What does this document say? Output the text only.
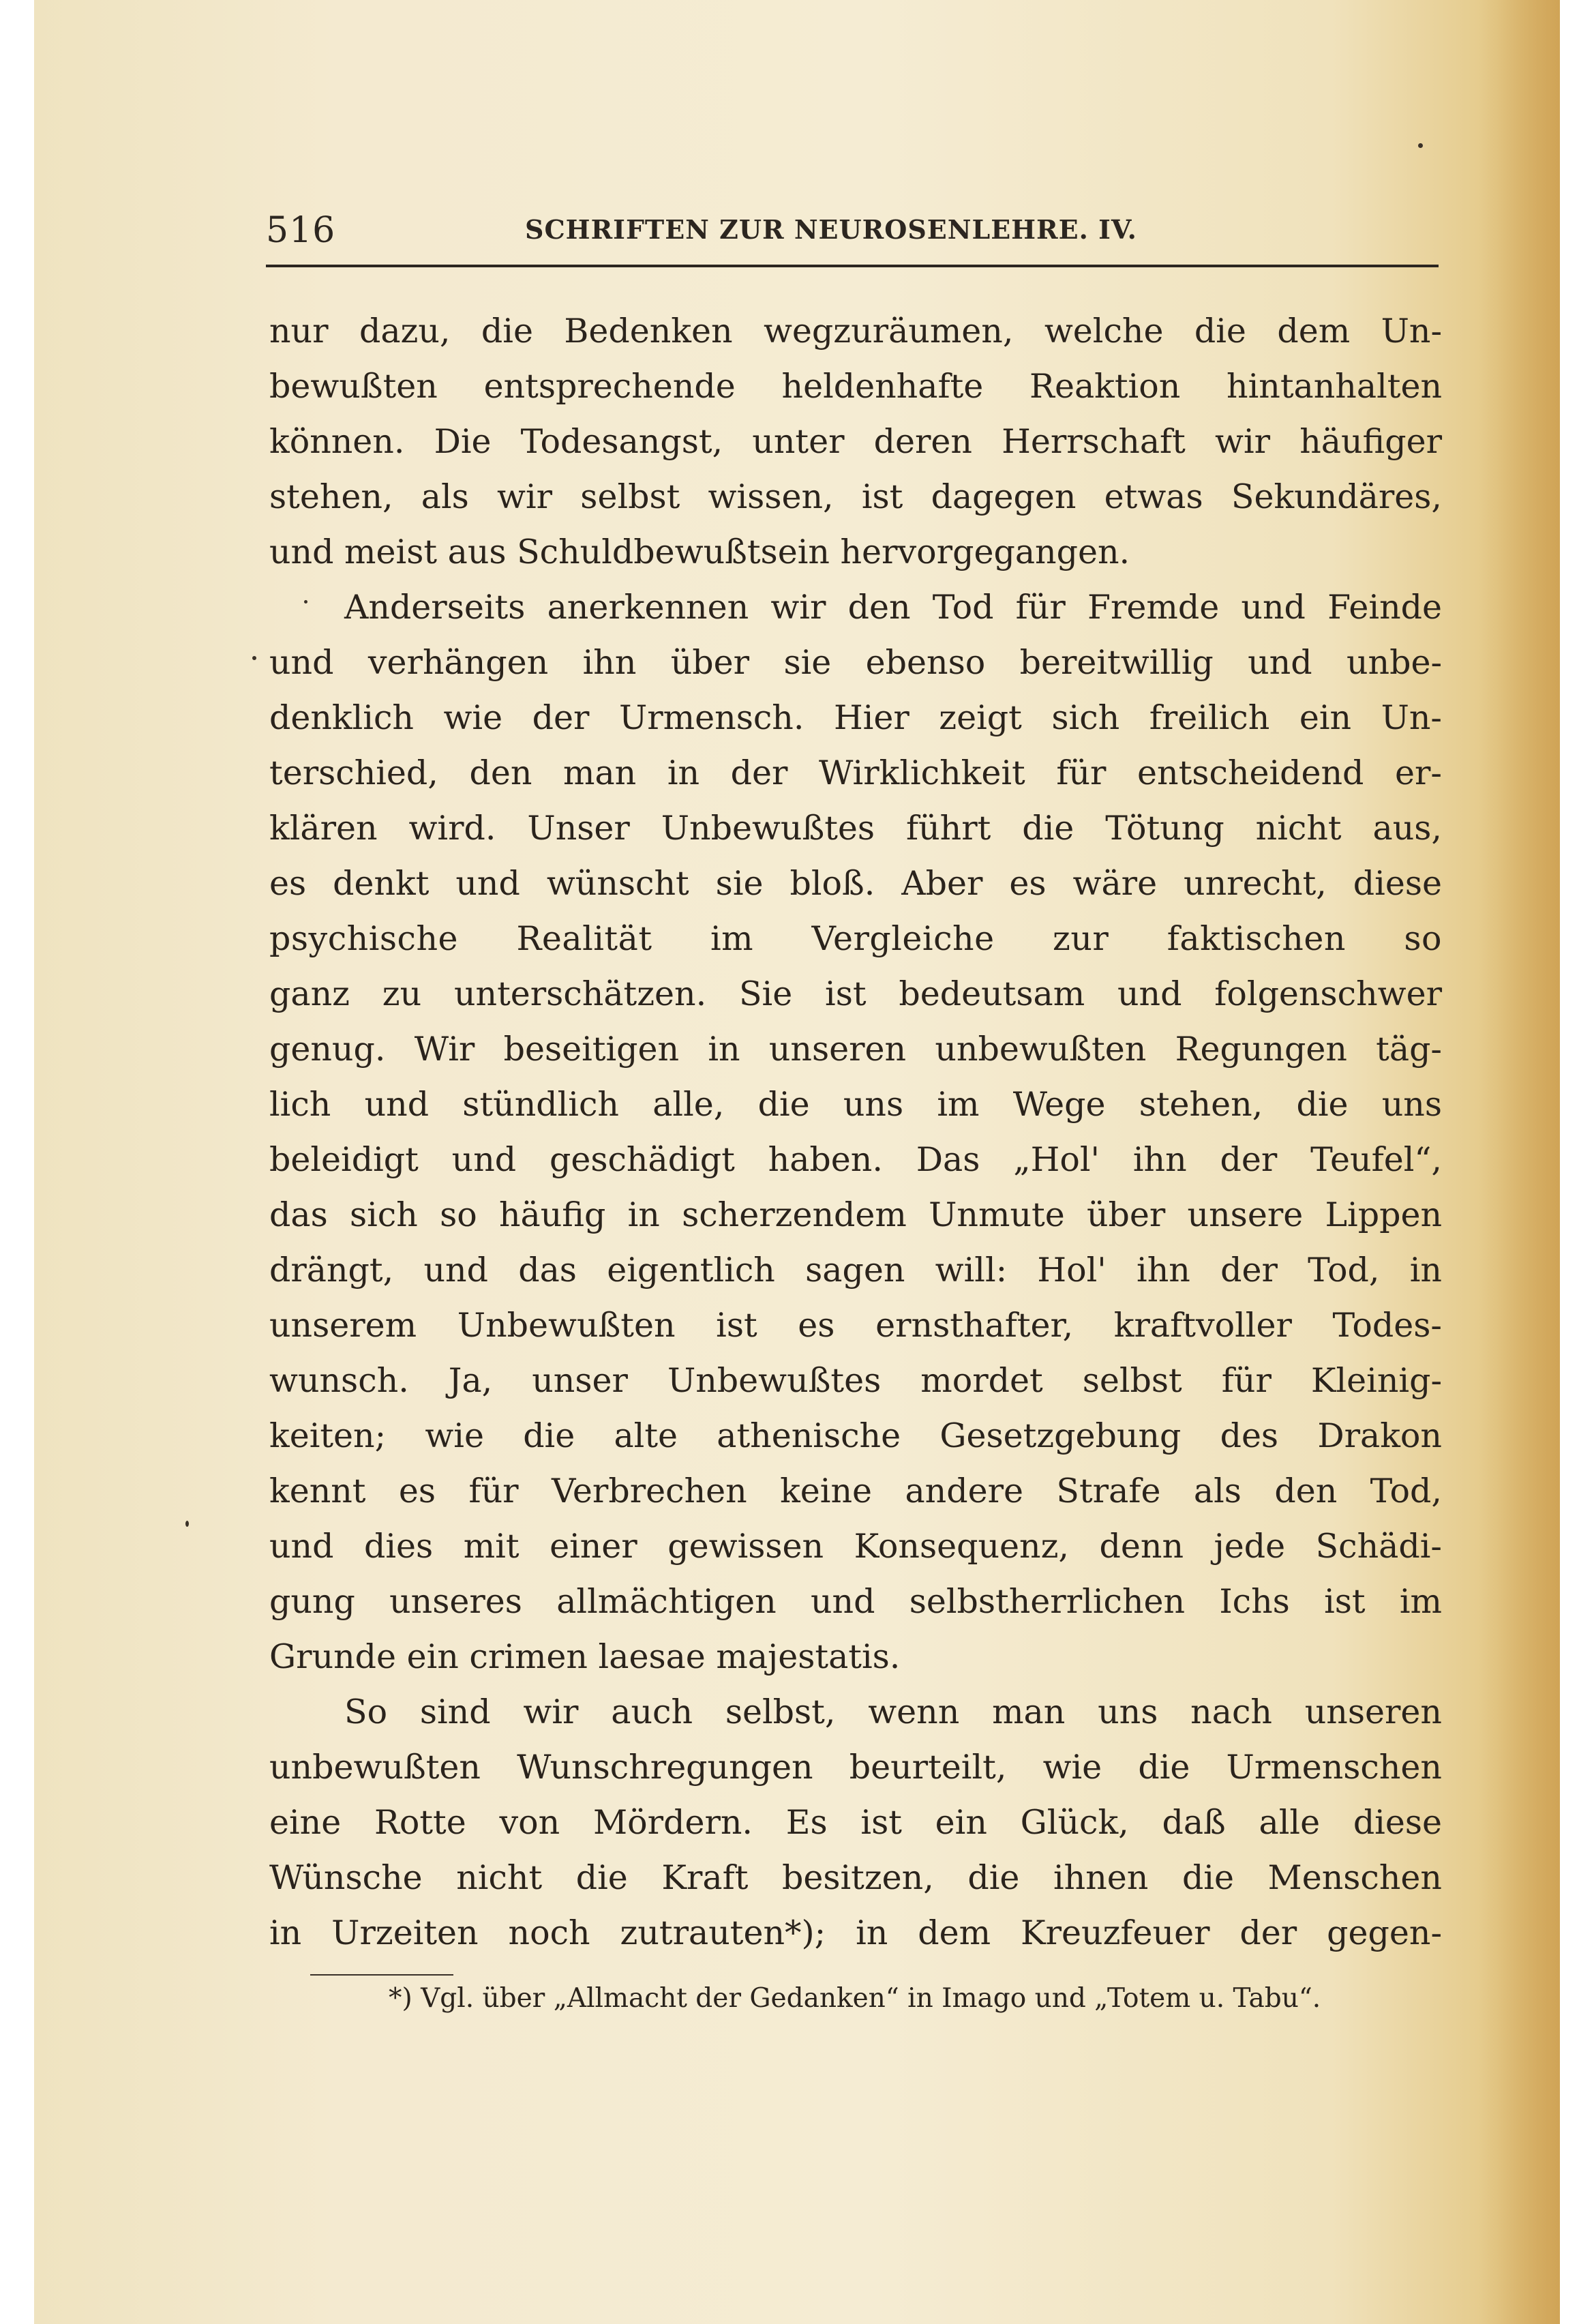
516	SCHRIFTEN ZUR NEUROSENLEHRE. IV.
nur dazu, die Bedenken wegzuräumen, welche die dem Un-
bewußten entsprechende heldenhafte Reaktion hintanhalten
können. Die Todesangst, unter deren Herrschaft wir häufiger
stehen, als wir selbst wissen, ist dagegen etwas Sekundäres,
und meist aus Schuldbewußtsein hervorgegangen.
Anderseits anerkennen wir den Tod für Fremde und Feinde
und verhängen ihn über sie ebenso bereitwillig und unbe-
denklich wie der Urmensch. Hier zeigt sich freilich ein Un-
terschied, den man in der Wirklichkeit für entscheidend er-
klären wird. Unser Unbewußtes führt die Tötung nicht aus,
es denkt und wünscht sie bloß. Aber es wäre unrecht, diese
psychische Realität im Vergleiche zur faktischen so
ganz zu unterschätzen. Sie ist bedeutsam und folgenschwer
genug. Wir beseitigen in unseren unbewußten Regungen täg-
lich und stündlich alle, die uns im Wege stehen, die uns
beleidigt und geschädigt haben. Das „Hol' ihn der Teufel“,
das sich so häufig in scherzendem Unmute über unsere Lippen
drängt, und das eigentlich sagen will: Hol' ihn der Tod, in
unserem Unbewußten ist es ernsthafter, kraftvoller Todes-
wunsch. Ja, unser Unbewußtes mordet selbst für Kleinig-
keiten; wie die alte athenische Gesetzgebung des Drakon
kennt es für Verbrechen keine andere Strafe als den Tod,
und dies mit einer gewissen Konsequenz, denn jede Schädi-
gung unseres allmächtigen und selbstherrlichen Ichs ist im
Grunde ein crimen laesae majestatis.
So sind wir auch selbst, wenn man uns nach unseren
unbewußten Wunschregungen beurteilt, wie die Urmenschen
eine Rotte von Mördern. Es ist ein Glück, daß alle diese
Wünsche nicht die Kraft besitzen, die ihnen die Menschen
in Urzeiten noch zutrauten*); in dem Kreuzfeuer der gegen-
*) Vgl. über „Allmacht der Gedanken“ in Imago und „Totem u. Tabu“.
